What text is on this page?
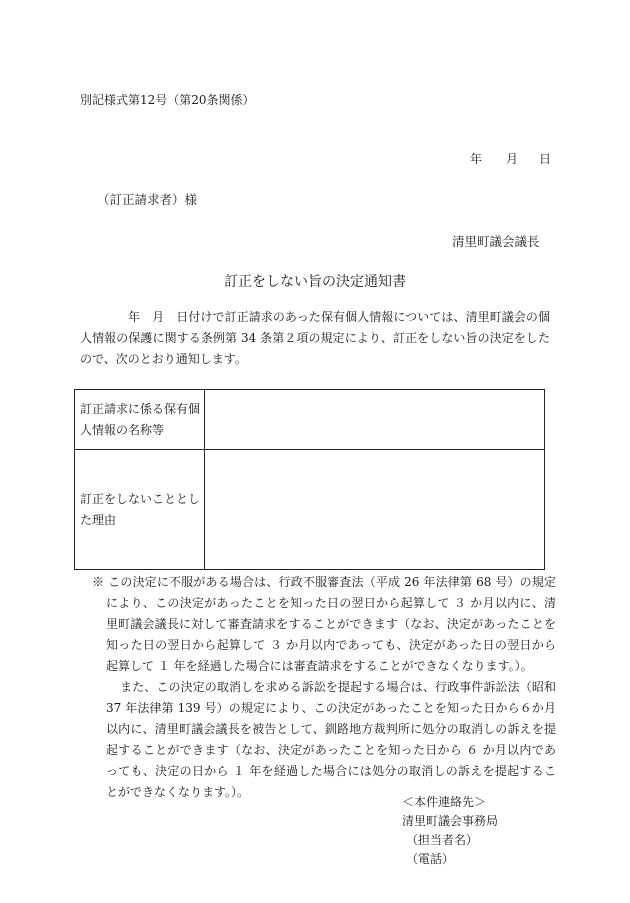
別記様式第12号（第20条関係）
年 月 日
（訂正請求者）様
清里町議会議長
訂正をしない旨の決定通知書
年　月　日付けで訂正請求のあった保有個人情報については、清里町議会の個人情報の保護に関する条例第 34 条第２項の規定により、訂正をしない旨の決定をしたので、次のとおり通知します。
訂正請求に係る保有個人情報の名称等	
訂正をしないこととした理由	

※ この決定に不服がある場合は、行政不服審査法（平成 26 年法律第 68 号）の規定により、この決定があったことを知った日の翌日から起算して ３ か月以内に、清里町議会議長に対して審査請求をすることができます（なお、決定があったことを知った日の翌日から起算して ３ か月以内であっても、決定があった日の翌日から起算して １ 年を経過した場合には審査請求をすることができなくなります。）。

また、この決定の取消しを求める訴訟を提起する場合は、行政事件訴訟法（昭和 37 年法律第 139 号）の規定により、この決定があったことを知った日から６か月以内に、清里町議会議長を被告として、釧路地方裁判所に処分の取消しの訴えを提起することができます（なお、決定があったことを知った日から ６ か月以内であっても、決定の日から １ 年を経過した場合には処分の取消しの訴えを提起することができなくなります。）。

＜本件連絡先＞
清里町議会事務局
（担当者名）
（電話）
